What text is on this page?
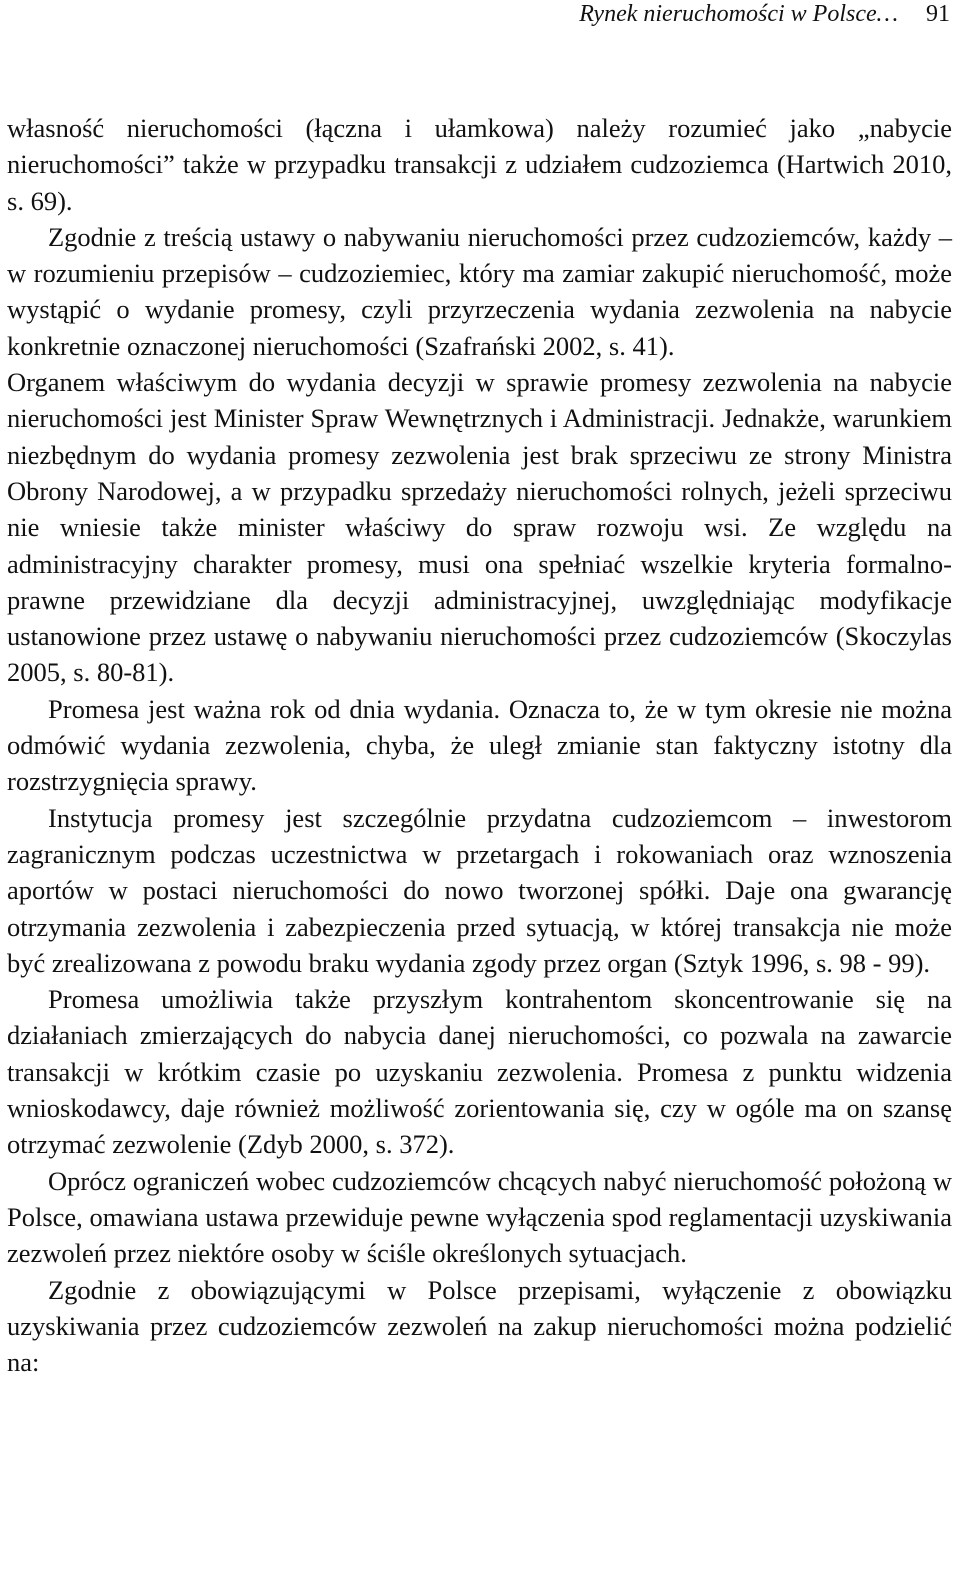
Rynek nieruchomości w Polsce… 91

własność nieruchomości (łączna i ułamkowa) należy rozumieć jako „nabycie nieruchomości” także w przypadku transakcji z udziałem cudzoziemca (Hartwich 2010, s. 69).

Zgodnie z treścią ustawy o nabywaniu nieruchomości przez cudzoziemców, każdy – w rozumieniu przepisów – cudzoziemiec, który ma zamiar zakupić nieruchomość, może wystąpić o wydanie promesy, czyli przyrzeczenia wydania zezwolenia na nabycie konkretnie oznaczonej nieruchomości (Szafrański 2002, s. 41).

Organem właściwym do wydania decyzji w sprawie promesy zezwolenia na nabycie nieruchomości jest Minister Spraw Wewnętrznych i Administracji. Jednakże, warunkiem niezbędnym do wydania promesy zezwolenia jest brak sprzeciwu ze strony Ministra Obrony Narodowej, a w przypadku sprzedaży nieruchomości rolnych, jeżeli sprzeciwu nie wniesie także minister właściwy do spraw rozwoju wsi. Ze względu na administracyjny charakter promesy, musi ona spełniać wszelkie kryteria formalno- prawne przewidziane dla decyzji administracyjnej, uwzględniając modyfikacje ustanowione przez ustawę o nabywaniu nieruchomości przez cudzoziemców (Skoczylas 2005, s. 80-81).

Promesa jest ważna rok od dnia wydania. Oznacza to, że w tym okresie nie można odmówić wydania zezwolenia, chyba, że uległ zmianie stan faktyczny istotny dla rozstrzygnięcia sprawy.

Instytucja promesy jest szczególnie przydatna cudzoziemcom – inwestorom zagranicznym podczas uczestnictwa w przetargach i rokowaniach oraz wznoszenia aportów w postaci nieruchomości do nowo tworzonej spółki. Daje ona gwarancję otrzymania zezwolenia i zabezpieczenia przed sytuacją, w której transakcja nie może być zrealizowana z powodu braku wydania zgody przez organ (Sztyk 1996, s. 98 - 99).

Promesa umożliwia także przyszłym kontrahentom skoncentrowanie się na działaniach zmierzających do nabycia danej nieruchomości, co pozwala na zawarcie transakcji w krótkim czasie po uzyskaniu zezwolenia. Promesa z punktu widzenia wnioskodawcy, daje również możliwość zorientowania się, czy w ogóle ma on szansę otrzymać zezwolenie (Zdyb 2000, s. 372).

Oprócz ograniczeń wobec cudzoziemców chcących nabyć nieruchomość położoną w Polsce, omawiana ustawa przewiduje pewne wyłączenia spod reglamentacji uzyskiwania zezwoleń przez niektóre osoby w ściśle określonych sytuacjach.

Zgodnie z obowiązującymi w Polsce przepisami, wyłączenie z obowiązku uzyskiwania przez cudzoziemców zezwoleń na zakup nieruchomości można podzielić na:
